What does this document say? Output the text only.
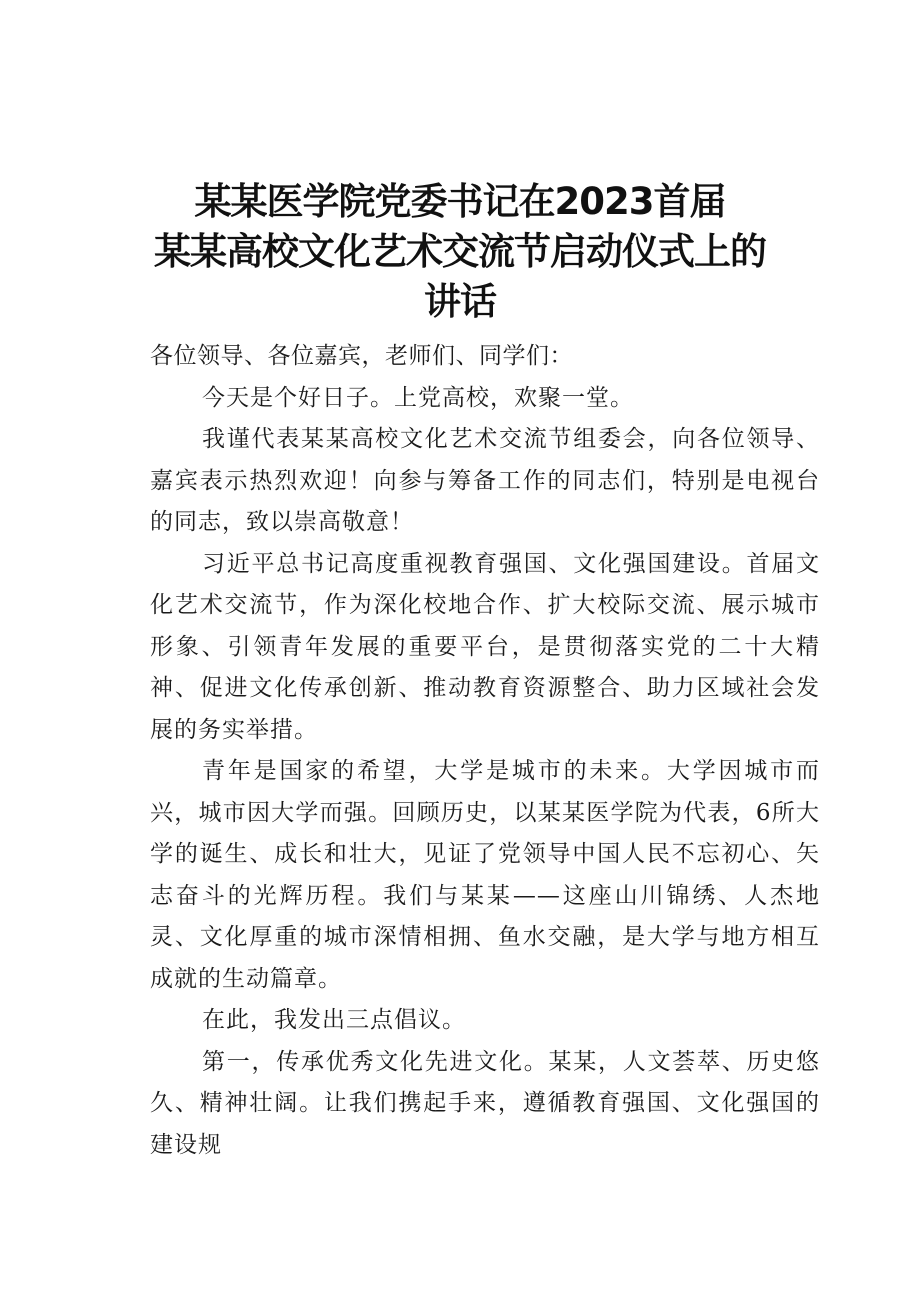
某某医学院党委书记在2023首届
某某高校文化艺术交流节启动仪式上的
讲话

各位领导、各位嘉宾，老师们、同学们：

今天是个好日子。上党高校，欢聚一堂。

我谨代表某某高校文化艺术交流节组委会，向各位领导、嘉宾表示热烈欢迎！向参与筹备工作的同志们，特别是电视台的同志，致以崇高敬意！

习近平总书记高度重视教育强国、文化强国建设。首届文化艺术交流节，作为深化校地合作、扩大校际交流、展示城市形象、引领青年发展的重要平台，是贯彻落实党的二十大精神、促进文化传承创新、推动教育资源整合、助力区域社会发展的务实举措。

青年是国家的希望，大学是城市的未来。大学因城市而兴，城市因大学而强。回顾历史，以某某医学院为代表，6所大学的诞生、成长和壮大，见证了党领导中国人民不忘初心、矢志奋斗的光辉历程。我们与某某——这座山川锦绣、人杰地灵、文化厚重的城市深情相拥、鱼水交融，是大学与地方相互成就的生动篇章。

在此，我发出三点倡议。

第一，传承优秀文化先进文化。某某，人文荟萃、历史悠久、精神壮阔。让我们携起手来，遵循教育强国、文化强国的建设规
